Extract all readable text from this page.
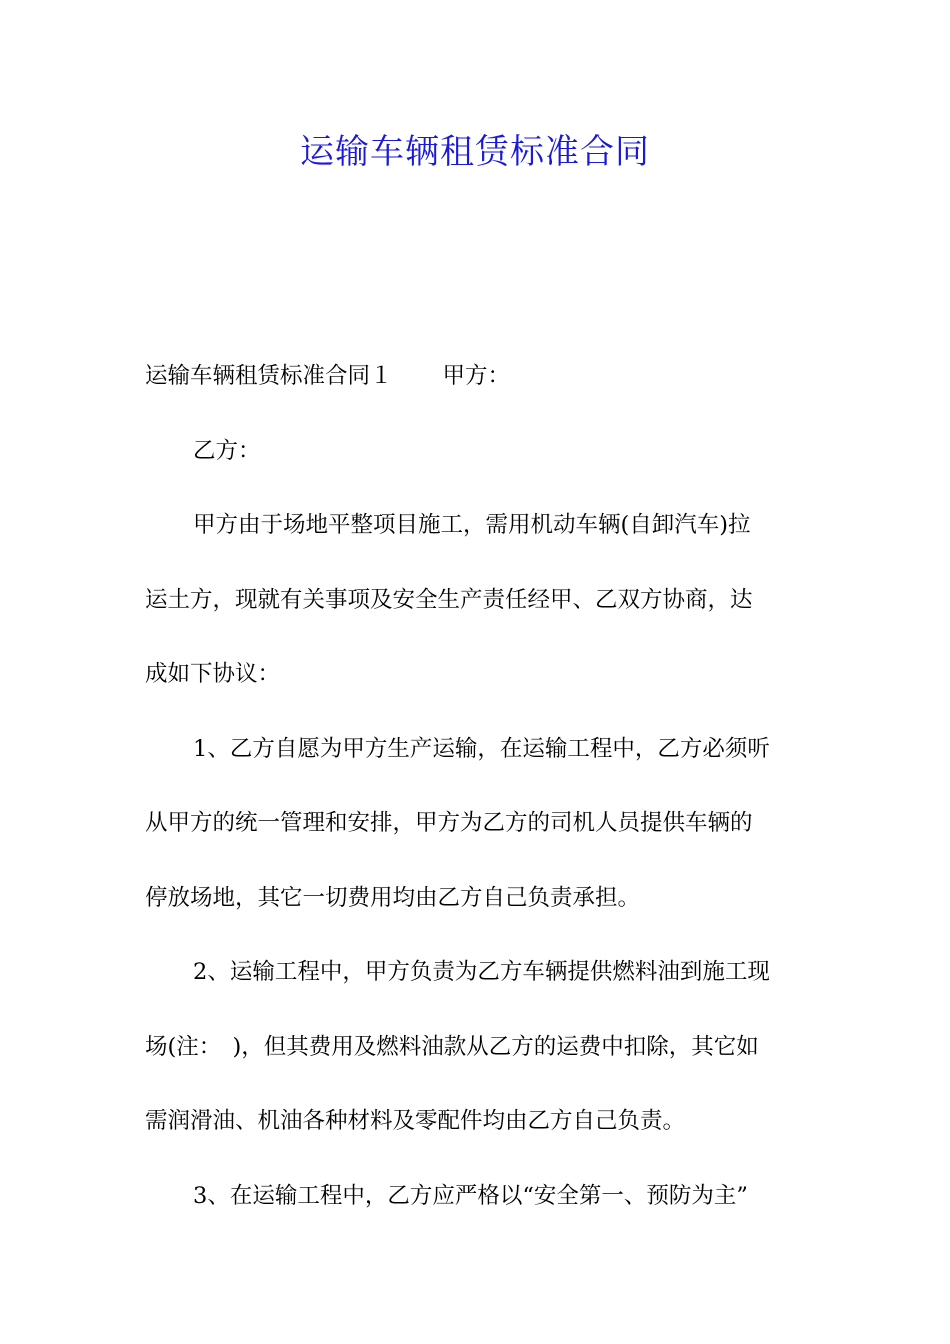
运输车辆租赁标准合同
运输车辆租赁标准合同１ 甲方：
乙方：
甲方由于场地平整项目施工，需用机动车辆(自卸汽车)拉
运土方，现就有关事项及安全生产责任经甲、乙双方协商，达
成如下协议：
1、乙方自愿为甲方生产运输，在运输工程中，乙方必须听
从甲方的统一管理和安排，甲方为乙方的司机人员提供车辆的
停放场地，其它一切费用均由乙方自己负责承担。
2、运输工程中，甲方负责为乙方车辆提供燃料油到施工现
场(注：　)，但其费用及燃料油款从乙方的运费中扣除，其它如
需润滑油、机油各种材料及零配件均由乙方自己负责。
3、在运输工程中，乙方应严格以“安全第一、预防为主”
